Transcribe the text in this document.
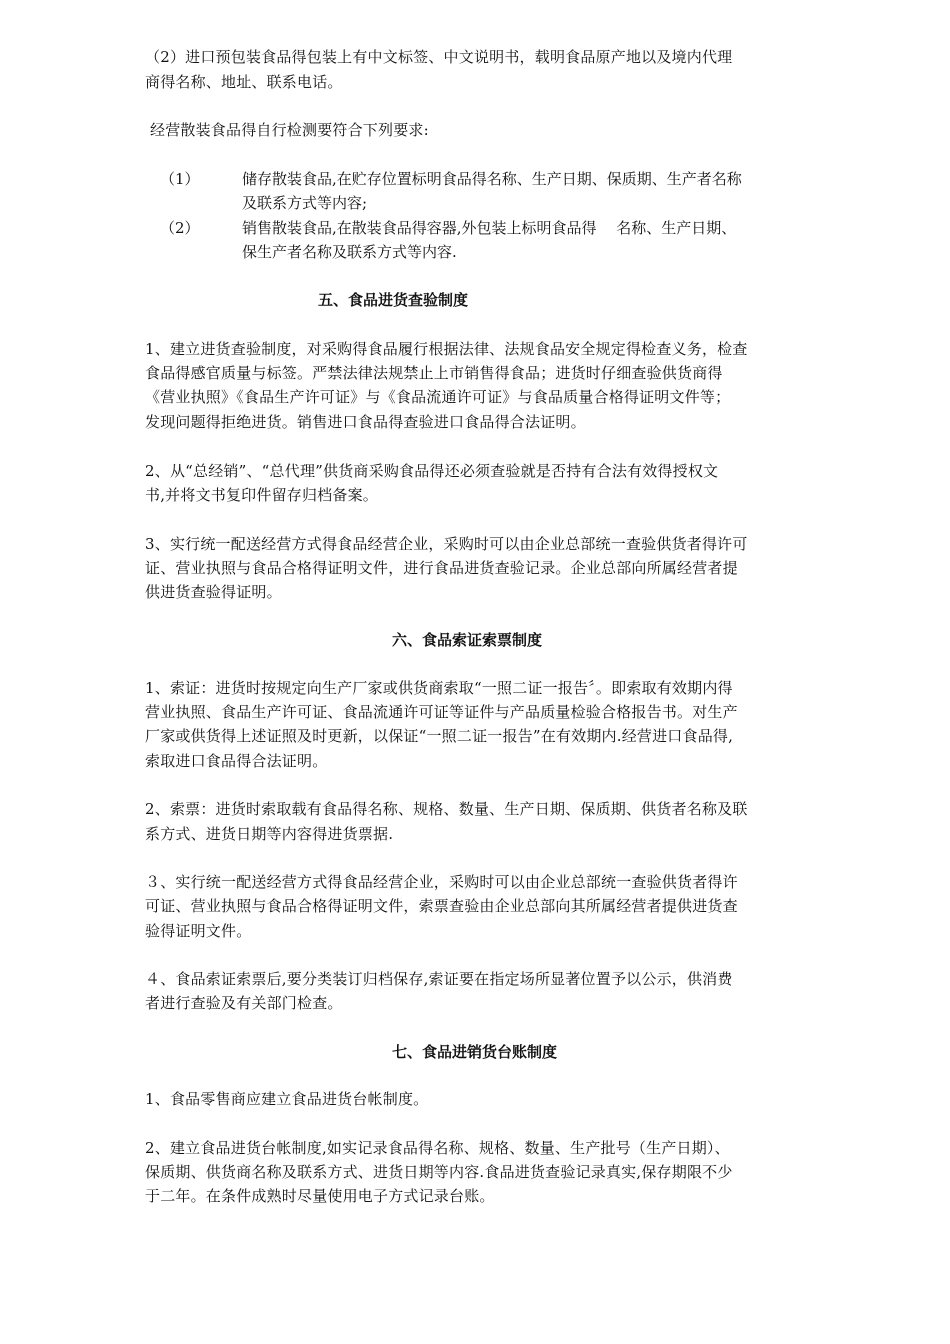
（2）进口预包装食品得包装上有中文标签、中文说明书，载明食品原产地以及境内代理
商得名称、地址、联系电话。
经营散装食品得自行检测要符合下列要求:
（1）	储存散装食品,在贮存位置标明食品得名称、生产日期、保质期、生产者名称
及联系方式等内容;
（2）	销售散装食品,在散装食品得容器,外包装上标明食品得 　名称、生产日期、
保生产者名称及联系方式等内容.
五、食品进货查验制度
1、建立进货查验制度，对采购得食品履行根据法律、法规食品安全规定得检查义务，检查
食品得感官质量与标签。严禁法律法规禁止上市销售得食品；进货时仔细查验供货商得
《营业执照》《食品生产许可证》与《食品流通许可证》与食品质量合格得证明文件等；
发现问题得拒绝进货。销售进口食品得查验进口食品得合法证明。
2、从“总经销”、“总代理”供货商采购食品得还必须查验就是否持有合法有效得授权文
书,并将文书复印件留存归档备案。
3、实行统一配送经营方式得食品经营企业，采购时可以由企业总部统一查验供货者得许可
证、营业执照与食品合格得证明文件，进行食品进货查验记录。企业总部向所属经营者提
供进货查验得证明。
六、食品索证索票制度
1、索证：进货时按规定向生产厂家或供货商索取“一照二证一报告〞。即索取有效期内得
营业执照、食品生产许可证、食品流通许可证等证件与产品质量检验合格报告书。对生产
厂家或供货得上述证照及时更新，以保证“一照二证一报告”在有效期内.经营进口食品得,
索取进口食品得合法证明。
2、索票：进货时索取载有食品得名称、规格、数量、生产日期、保质期、供货者名称及联
系方式、进货日期等内容得进货票据.
３、实行统一配送经营方式得食品经营企业，采购时可以由企业总部统一查验供货者得许
可证、营业执照与食品合格得证明文件，索票查验由企业总部向其所属经营者提供进货查
验得证明文件。
４、食品索证索票后,要分类装订归档保存,索证要在指定场所显著位置予以公示，供消费
者进行查验及有关部门检查。
七、食品进销货台账制度
1、食品零售商应建立食品进货台帐制度。
2、建立食品进货台帐制度,如实记录食品得名称、规格、数量、生产批号（生产日期）、
保质期、供货商名称及联系方式、进货日期等内容.食品进货查验记录真实,保存期限不少
于二年。在条件成熟时尽量使用电子方式记录台账。
